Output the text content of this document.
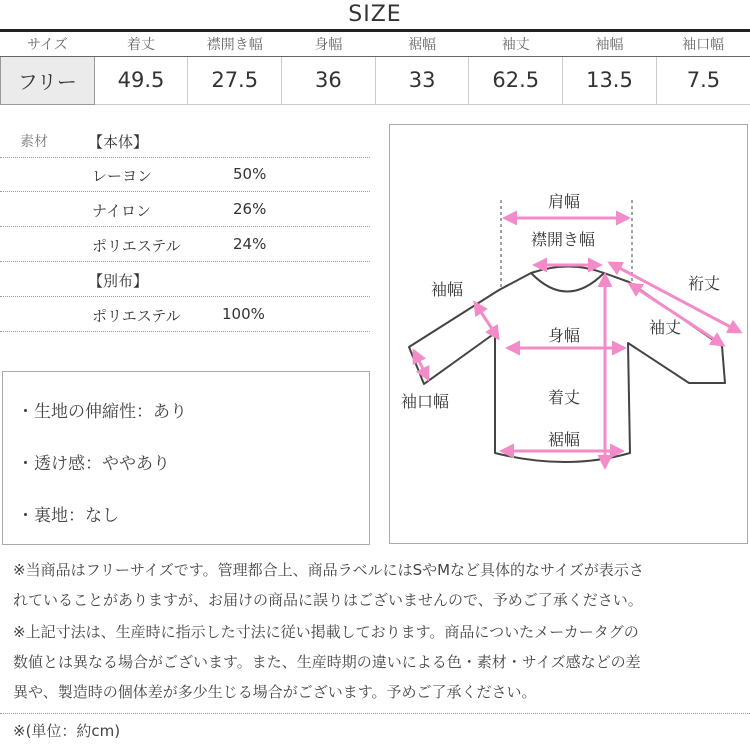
SIZE
サイズ	着丈	襟開き幅	身幅	裾幅	袖丈	袖幅	袖口幅
フリー	49.5	27.5	36	33	62.5	13.5	7.5
素材	【本体】
レーヨン	50%
ナイロン	26%
ポリエステル	24%
【別布】
ポリエステル	100%
・生地の伸縮性：あり
・透け感：ややあり
・裏地：なし
肩幅
襟開き幅
袖幅	裄丈
袖丈
身幅
袖口幅	着丈
裾幅
※当商品はフリーサイズです。管理都合上、商品ラベルにはSやMなど具体的なサイズが表示さ
れていることがありますが、お届けの商品に誤りはございませんので、予めご了承ください。
※上記寸法は、生産時に指示した寸法に従い掲載しております。商品についたメーカータグの
数値とは異なる場合がございます。また、生産時期の違いによる色・素材・サイズ感などの差
異や、製造時の個体差が多少生じる場合がございます。予めご了承ください。
※(単位：約cm)
